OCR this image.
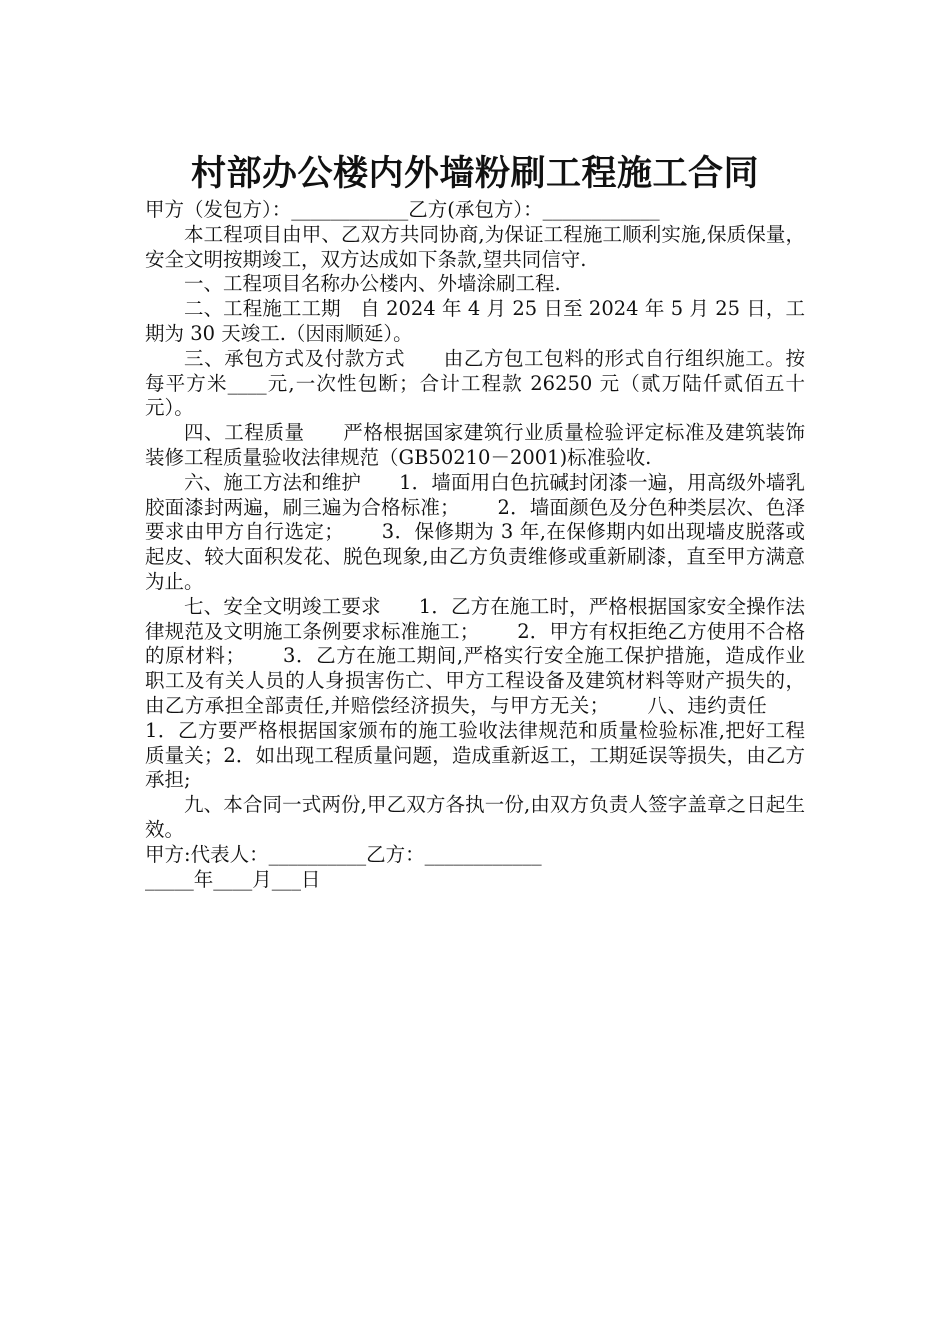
村部办公楼内外墙粉刷工程施工合同

甲方（发包方）：____________乙方(承包方）：____________

本工程项目由甲、乙双方共同协商,为保证工程施工顺利实施,保质保量，安全文明按期竣工，双方达成如下条款,望共同信守.

一、工程项目名称办公楼内、外墙涂刷工程.

二、工程施工工期　自 2024 年 4 月 25 日至 2024 年 5 月 25 日，工期为 30 天竣工.（因雨顺延）。

三、承包方式及付款方式 由乙方包工包料的形式自行组织施工。按每平方米____元,一次性包断；合计工程款 26250 元（贰万陆仟贰佰五十元）。

四、工程质量 严格根据国家建筑行业质量检验评定标准及建筑装饰装修工程质量验收法律规范（GB50210－2001)标准验收.

六、施工方法和维护 1．墙面用白色抗碱封闭漆一遍，用高级外墙乳胶面漆封两遍，刷三遍为合格标准； 2．墙面颜色及分色种类层次、色泽要求由甲方自行选定； 3．保修期为 3 年,在保修期内如出现墙皮脱落或起皮、较大面积发花、脱色现象,由乙方负责维修或重新刷漆，直至甲方满意为止。

七、安全文明竣工要求 1．乙方在施工时，严格根据国家安全操作法律规范及文明施工条例要求标准施工； 2．甲方有权拒绝乙方使用不合格的原材料； 3．乙方在施工期间,严格实行安全施工保护措施，造成作业职工及有关人员的人身损害伤亡、甲方工程设备及建筑材料等财产损失的，由乙方承担全部责任,并赔偿经济损失，与甲方无关； 八、违约责任1．乙方要严格根据国家颁布的施工验收法律规范和质量检验标准,把好工程质量关；2．如出现工程质量问题，造成重新返工，工期延误等损失，由乙方承担;

九、本合同一式两份,甲乙双方各执一份,由双方负责人签字盖章之日起生效。

甲方:代表人：__________乙方：____________

_____年____月___日
